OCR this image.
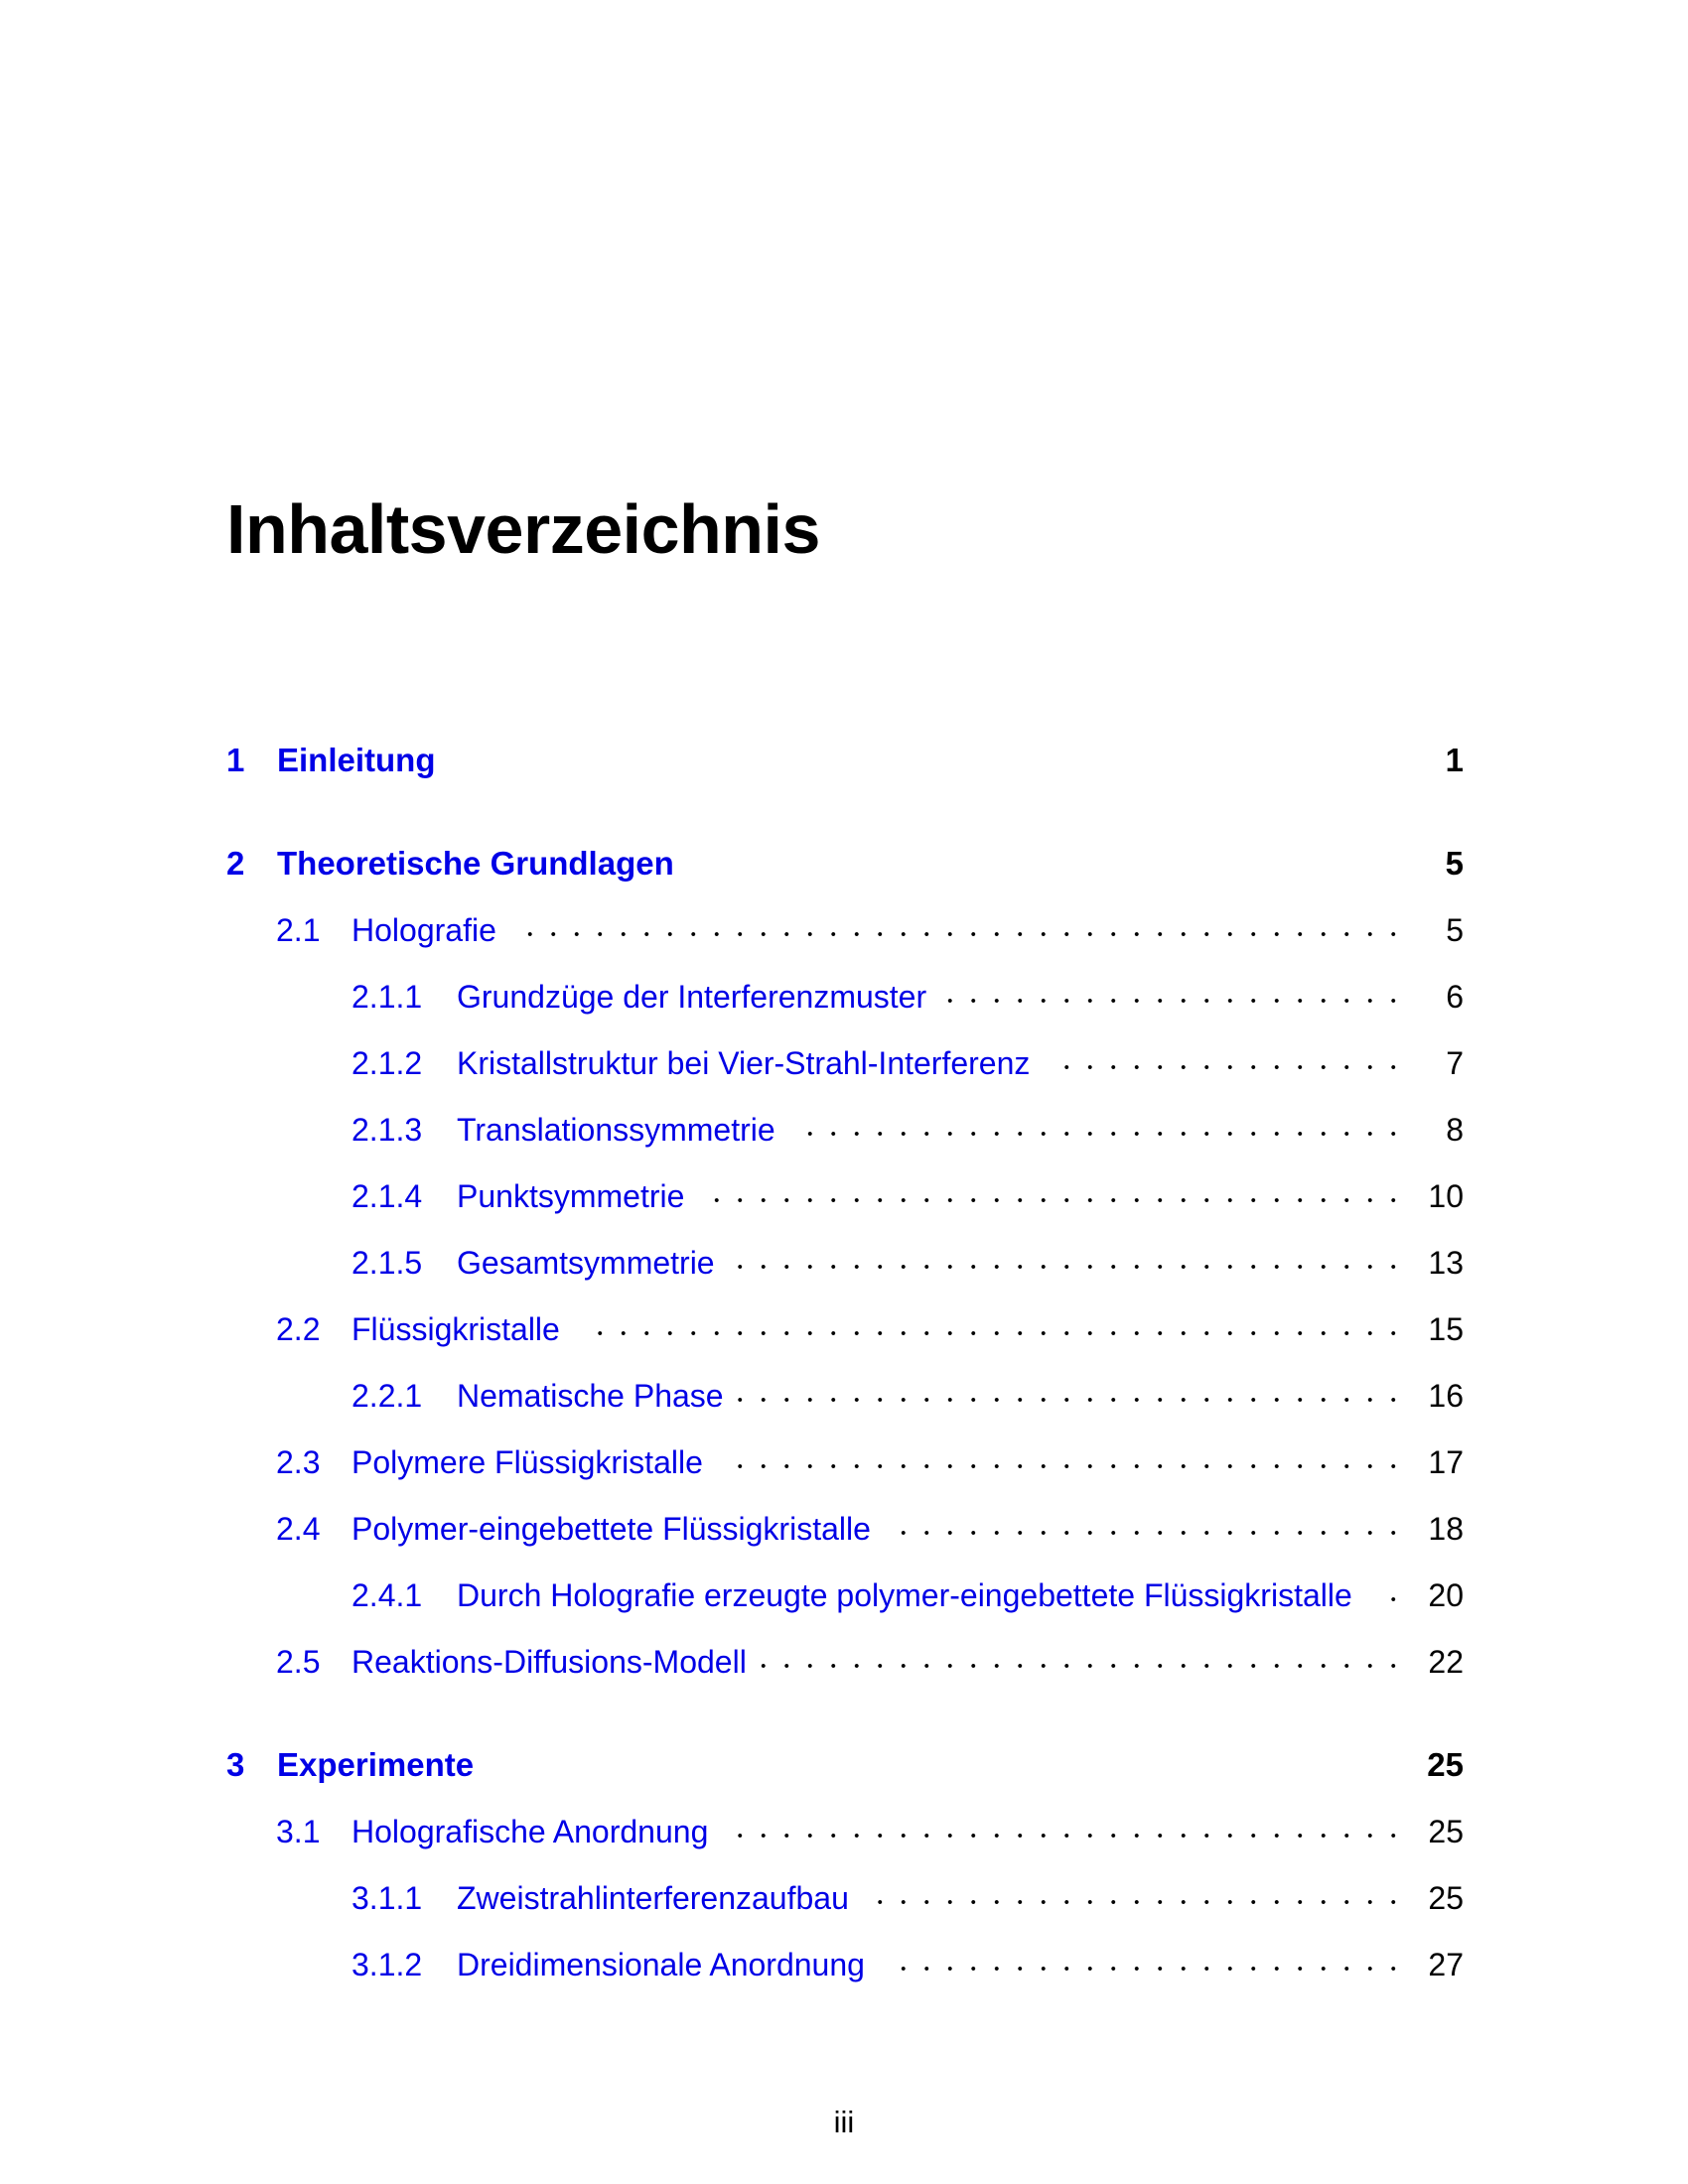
Inhaltsverzeichnis
1 Einleitung	1
2 Theoretische Grundlagen	5
2.1 Holografie	5
2.1.1 Grundzüge der Interferenzmuster	6
2.1.2 Kristallstruktur bei Vier-Strahl-Interferenz	7
2.1.3 Translationssymmetrie	8
2.1.4 Punktsymmetrie	10
2.1.5 Gesamtsymmetrie	13
2.2 Flüssigkristalle	15
2.2.1 Nematische Phase	16
2.3 Polymere Flüssigkristalle	17
2.4 Polymer-eingebettete Flüssigkristalle	18
2.4.1 Durch Holografie erzeugte polymer-eingebettete Flüssigkristalle 20
2.5 Reaktions-Diffusions-Modell	22
3 Experimente	25
3.1 Holografische Anordnung	25
3.1.1 Zweistrahlinterferenzaufbau	25
3.1.2 Dreidimensionale Anordnung	27
iii
